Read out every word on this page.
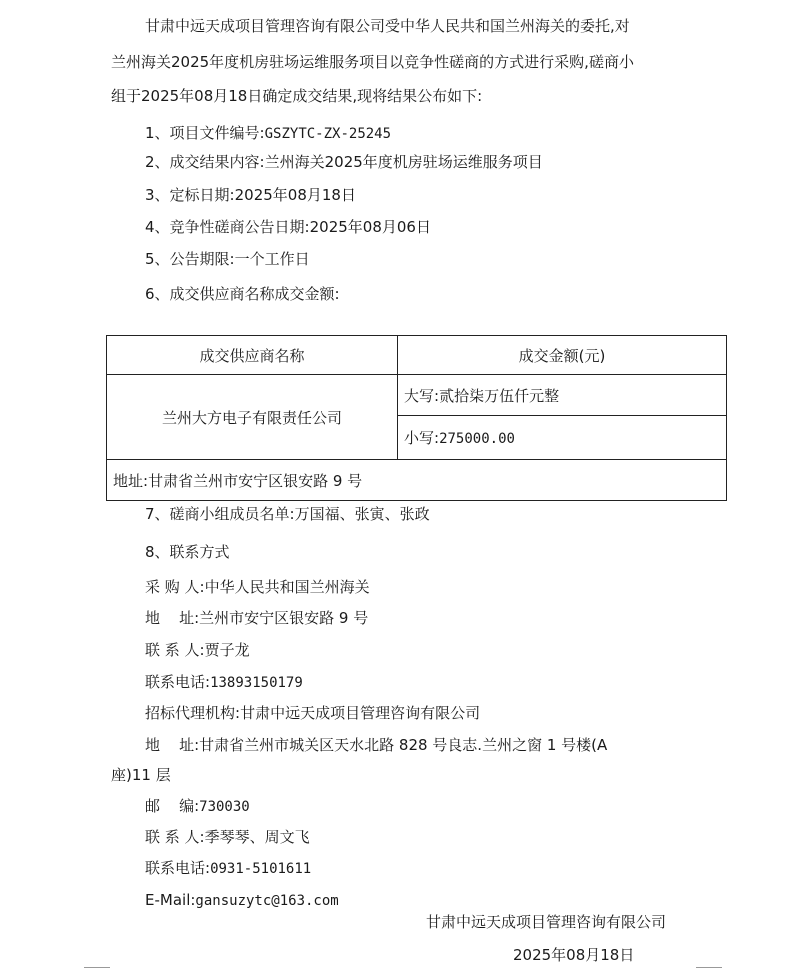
甘肃中远天成项目管理咨询有限公司受中华人民共和国兰州海关的委托,对
兰州海关2025年度机房驻场运维服务项目以竞争性磋商的方式进行采购,磋商小
组于2025年08月18日确定成交结果,现将结果公布如下:
1、项目文件编号:GSZYTC-ZX-25245
2、成交结果内容:兰州海关2025年度机房驻场运维服务项目
3、定标日期:2025年08月18日
4、竞争性磋商公告日期:2025年08月06日
5、公告期限:一个工作日
6、成交供应商名称成交金额:
成交供应商名称	成交金额(元)
兰州大方电子有限责任公司	大写:贰拾柒万伍仟元整
	小写:275000.00
地址:甘肃省兰州市安宁区银安路 9 号	
7、磋商小组成员名单:万国福、张寅、张政
8、联系方式
采 购 人:中华人民共和国兰州海关
地    址:兰州市安宁区银安路 9 号
联 系 人:贾子龙
联系电话:13893150179
招标代理机构:甘肃中远天成项目管理咨询有限公司
地    址:甘肃省兰州市城关区天水北路 828 号良志.兰州之窗 1 号楼(A
座)11 层
邮    编:730030
联 系 人:季琴琴、周文飞
联系电话:0931-5101611
E-Mail:gansuzytc@163.com
甘肃中远天成项目管理咨询有限公司
2025年08月18日
